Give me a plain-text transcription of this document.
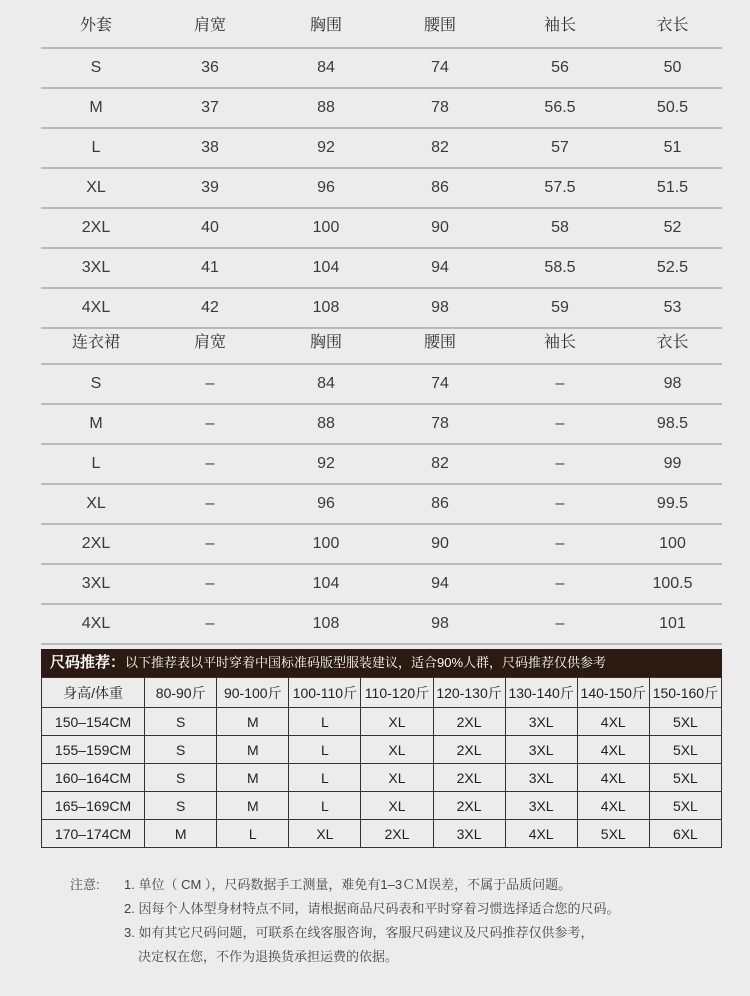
外套	肩宽	胸围	腰围	袖长	衣长
S	36	84	74	56	50
M	37	88	78	56.5	50.5
L	38	92	82	57	51
XL	39	96	86	57.5	51.5
2XL	40	100	90	58	52
3XL	41	104	94	58.5	52.5
4XL	42	108	98	59	53
连衣裙	肩宽	胸围	腰围	袖长	衣长
S	–	84	74	–	98
M	–	88	78	–	98.5
L	–	92	82	–	99
XL	–	96	86	–	99.5
2XL	–	100	90	–	100
3XL	–	104	94	–	100.5
4XL	–	108	98	–	101
尺码推荐：以下推荐表以平时穿着中国标准码版型服装建议，适合90%人群，尺码推荐仅供参考
身高/体重	80-90斤	90-100斤	100-110斤	110-120斤	120-130斤	130-140斤	140-150斤	150-160斤
150–154CM	S	M	L	XL	2XL	3XL	4XL	5XL
155–159CM	S	M	L	XL	2XL	3XL	4XL	5XL
160–164CM	S	M	L	XL	2XL	3XL	4XL	5XL
165–169CM	S	M	L	XL	2XL	3XL	4XL	5XL
170–174CM	M	L	XL	2XL	3XL	4XL	5XL	6XL
注意: 1. 单位（ CM ），尺码数据手工测量，难免有1–3ＣＭ误差，不属于品质问题。
2. 因每个人体型身材特点不同，请根据商品尺码表和平时穿着习惯选择适合您的尺码。
3. 如有其它尺码问题，可联系在线客服咨询，客服尺码建议及尺码推荐仅供参考，
决定权在您，不作为退换货承担运费的依据。
